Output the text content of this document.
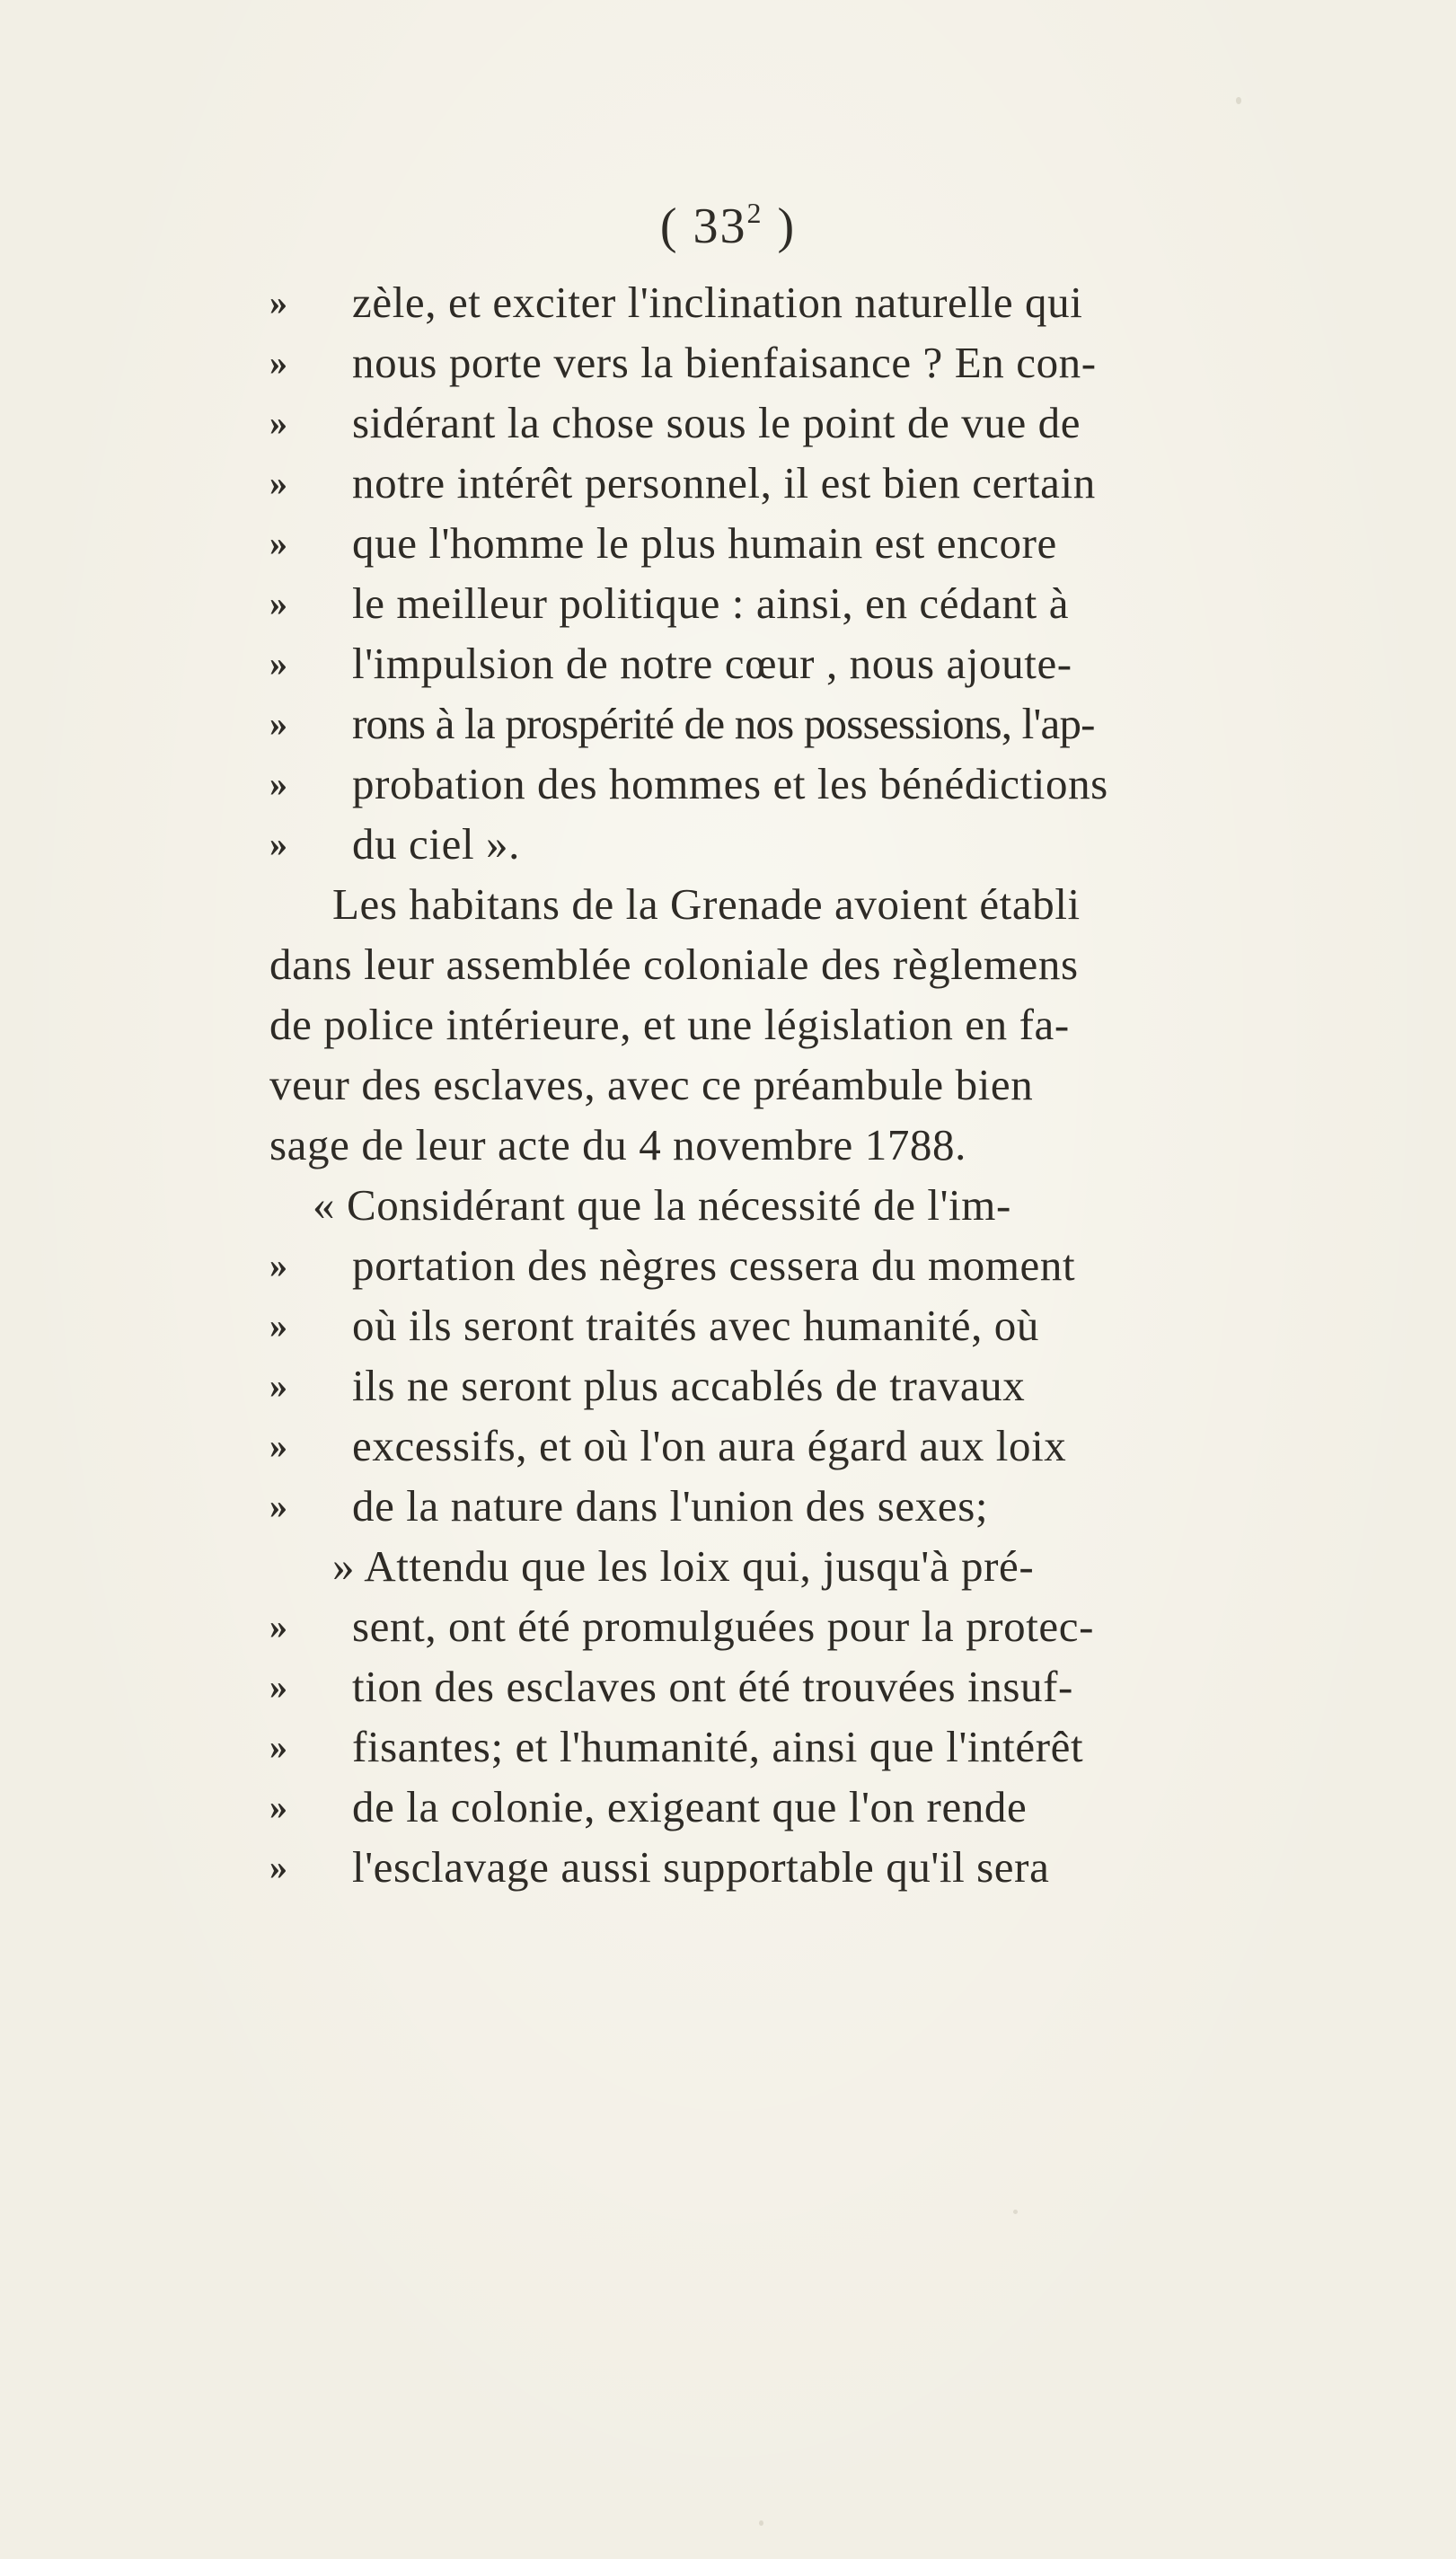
( $33^2$ )
»	zèle, et exciter l'inclination naturelle qui
»	nous porte vers la bienfaisance ? En con-
»	sidérant la chose sous le point de vue de
»	notre intérêt personnel, il est bien certain
»	que l'homme le plus humain est encore
»	le meilleur politique : ainsi, en cédant à
»	l'impulsion de notre cœur , nous ajoute-
»	rons à la prospérité de nos possessions, l'ap-
»	probation des hommes et les bénédictions
»	du ciel ».
Les habitans de la Grenade avoient établi
dans leur assemblée coloniale des règlemens
de police intérieure, et une législation en fa-
veur des esclaves, avec ce préambule bien
sage de leur acte du 4 novembre 1788.
« Considérant que la nécessité de l'im-
»	portation des nègres cessera du moment
»	où ils seront traités avec humanité, où
»	ils ne seront plus accablés de travaux
»	excessifs, et où l'on aura égard aux loix
»	de la nature dans l'union des sexes;
» Attendu que les loix qui, jusqu'à pré-
»	sent, ont été promulguées pour la protec-
»	tion des esclaves ont été trouvées insuf-
»	fisantes; et l'humanité, ainsi que l'intérêt
»	de la colonie, exigeant que l'on rende
»	l'esclavage aussi supportable qu'il sera
